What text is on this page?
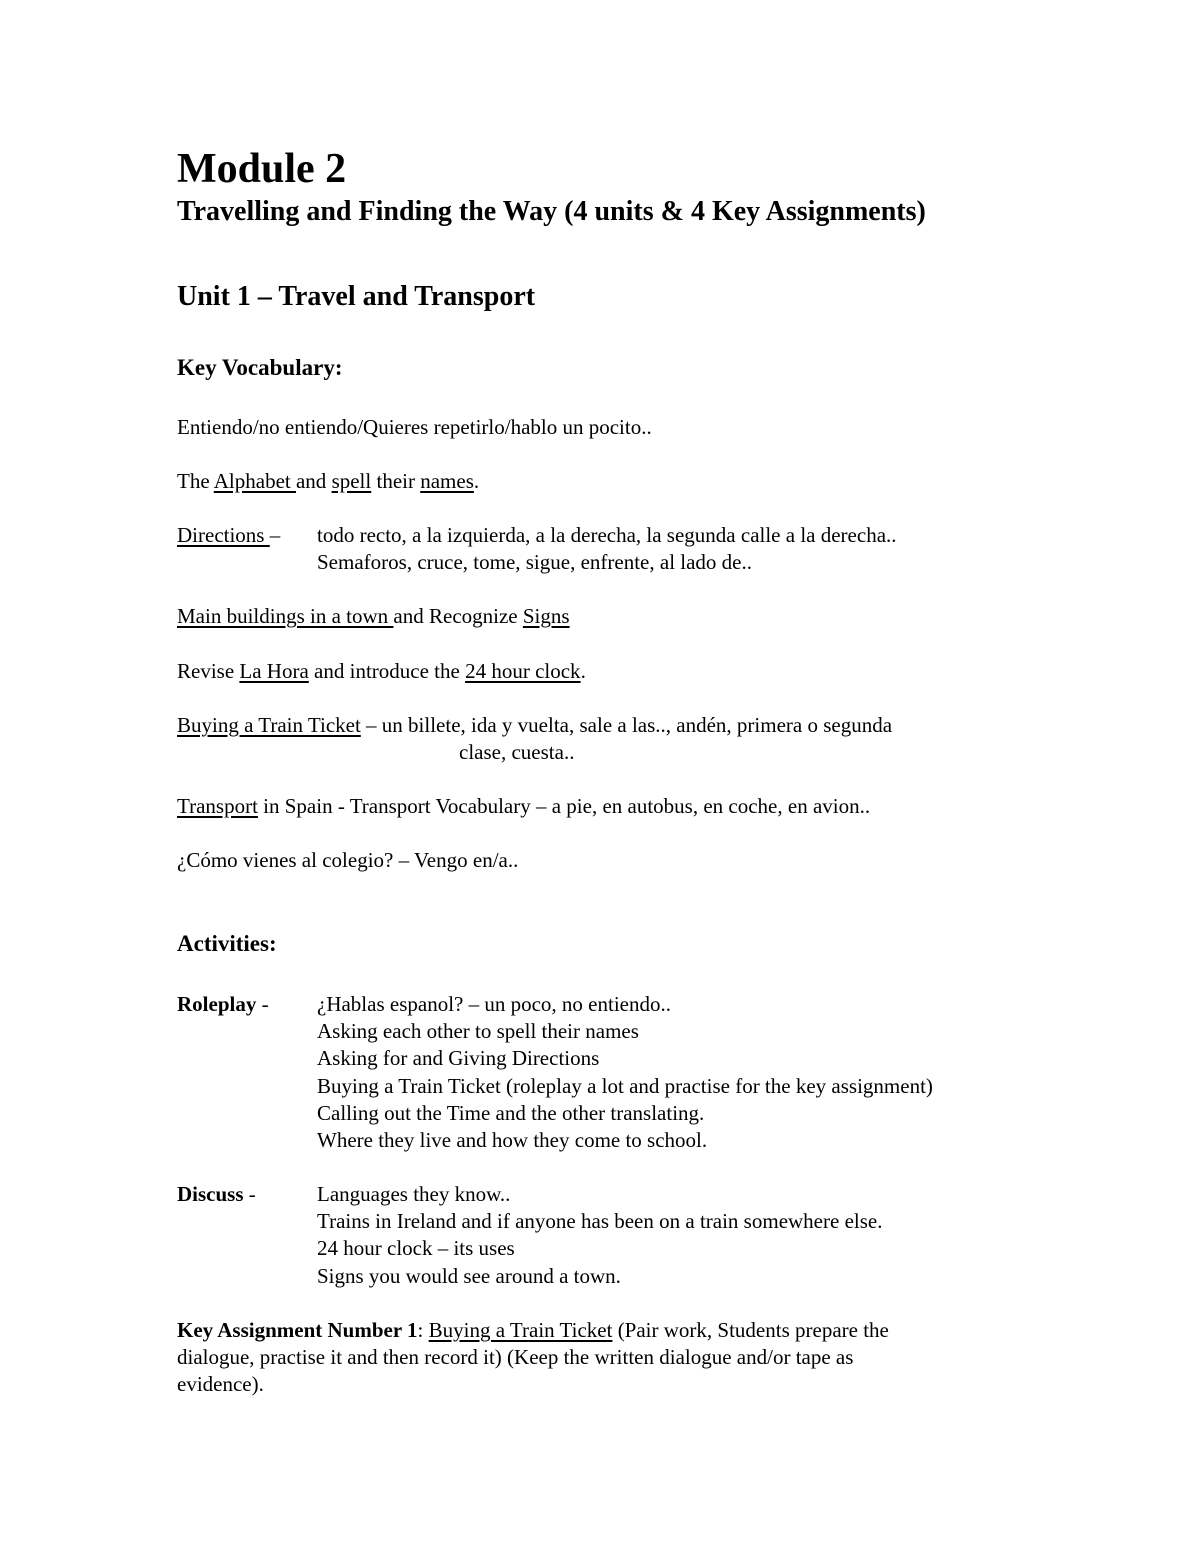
Module 2
Travelling and Finding the Way (4 units & 4 Key Assignments)
Unit 1 – Travel and Transport
Key Vocabulary:
Entiendo/no entiendo/Quieres repetirlo/hablo un pocito..
The Alphabet and spell their names.
Directions – todo recto, a la izquierda, a la derecha, la segunda calle a la derecha..
Semaforos, cruce, tome, sigue, enfrente, al lado de..
Main buildings in a town and Recognize Signs
Revise La Hora and introduce the 24 hour clock.
Buying a Train Ticket – un billete, ida y vuelta, sale a las.., andén, primera o segunda
clase, cuesta..
Transport in Spain - Transport Vocabulary – a pie, en autobus, en coche, en avion..
¿Cómo vienes al colegio? – Vengo en/a..
Activities:
Roleplay - ¿Hablas espanol? – un poco, no entiendo..
Asking each other to spell their names
Asking for and Giving Directions
Buying a Train Ticket (roleplay a lot and practise for the key assignment)
Calling out the Time and the other translating.
Where they live and how they come to school.
Discuss -	Languages they know..
Trains in Ireland and if anyone has been on a train somewhere else.
24 hour clock – its uses
Signs you would see around a town.
Key Assignment Number 1: Buying a Train Ticket (Pair work, Students prepare the
dialogue, practise it and then record it) (Keep the written dialogue and/or tape as
evidence).
